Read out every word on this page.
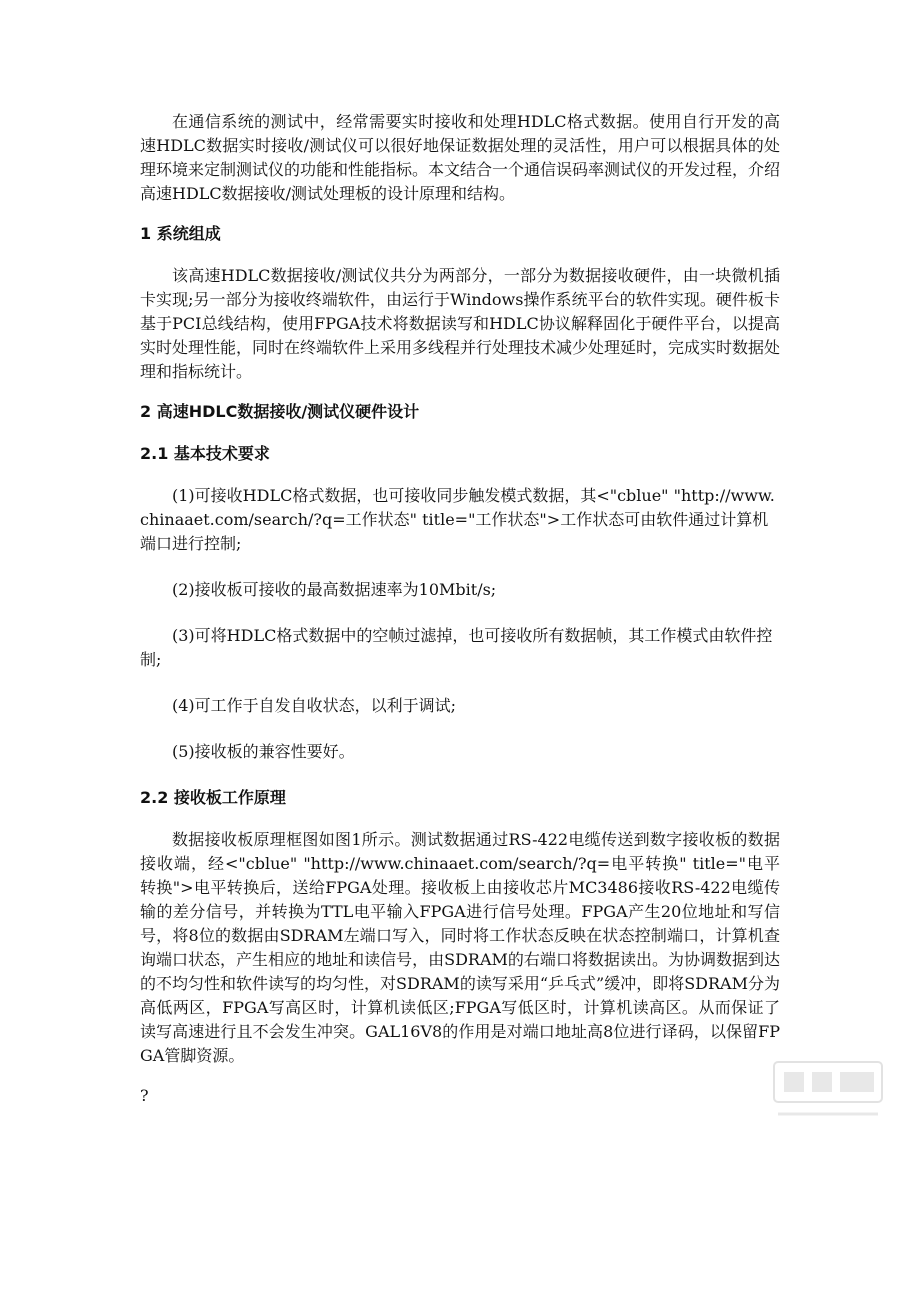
在通信系统的测试中，经常需要实时接收和处理HDLC格式数据。使用自行开发的高速HDLC数据实时接收/测试仪可以很好地保证数据处理的灵活性，用户可以根据具体的处理环境来定制测试仪的功能和性能指标。本文结合一个通信误码率测试仪的开发过程，介绍高速HDLC数据接收/测试处理板的设计原理和结构。

1 系统组成

该高速HDLC数据接收/测试仪共分为两部分，一部分为数据接收硬件，由一块微机插卡实现;另一部分为接收终端软件，由运行于Windows操作系统平台的软件实现。硬件板卡基于PCI总线结构，使用FPGA技术将数据读写和HDLC协议解释固化于硬件平台，以提高实时处理性能，同时在终端软件上采用多线程并行处理技术减少处理延时，完成实时数据处理和指标统计。

2 高速HDLC数据接收/测试仪硬件设计
2.1 基本技术要求

(1)可接收HDLC格式数据，也可接收同步触发模式数据，其<"cblue" "http://www.chinaaet.com/search/?q=工作状态" title="工作状态">工作状态可由软件通过计算机端口进行控制;

(2)接收板可接收的最高数据速率为10Mbit/s;

(3)可将HDLC格式数据中的空帧过滤掉，也可接收所有数据帧，其工作模式由软件控制;

(4)可工作于自发自收状态，以利于调试;

(5)接收板的兼容性要好。

2.2 接收板工作原理

数据接收板原理框图如图1所示。测试数据通过RS-422电缆传送到数字接收板的数据接收端，经<"cblue" "http://www.chinaaet.com/search/?q=电平转换" title="电平转换">电平转换后，送给FPGA处理。接收板上由接收芯片MC3486接收RS-422电缆传输的差分信号，并转换为TTL电平输入FPGA进行信号处理。FPGA产生20位地址和写信号，将8位的数据由SDRAM左端口写入，同时将工作状态反映在状态控制端口，计算机查询端口状态，产生相应的地址和读信号，由SDRAM的右端口将数据读出。为协调数据到达的不均匀性和软件读写的均匀性，对SDRAM的读写采用“乒乓式”缓冲，即将SDRAM分为高低两区，FPGA写高区时，计算机读低区;FPGA写低区时，计算机读高区。从而保证了读写高速进行且不会发生冲突。GAL16V8的作用是对端口地址高8位进行译码，以保留FPGA管脚资源。

?
